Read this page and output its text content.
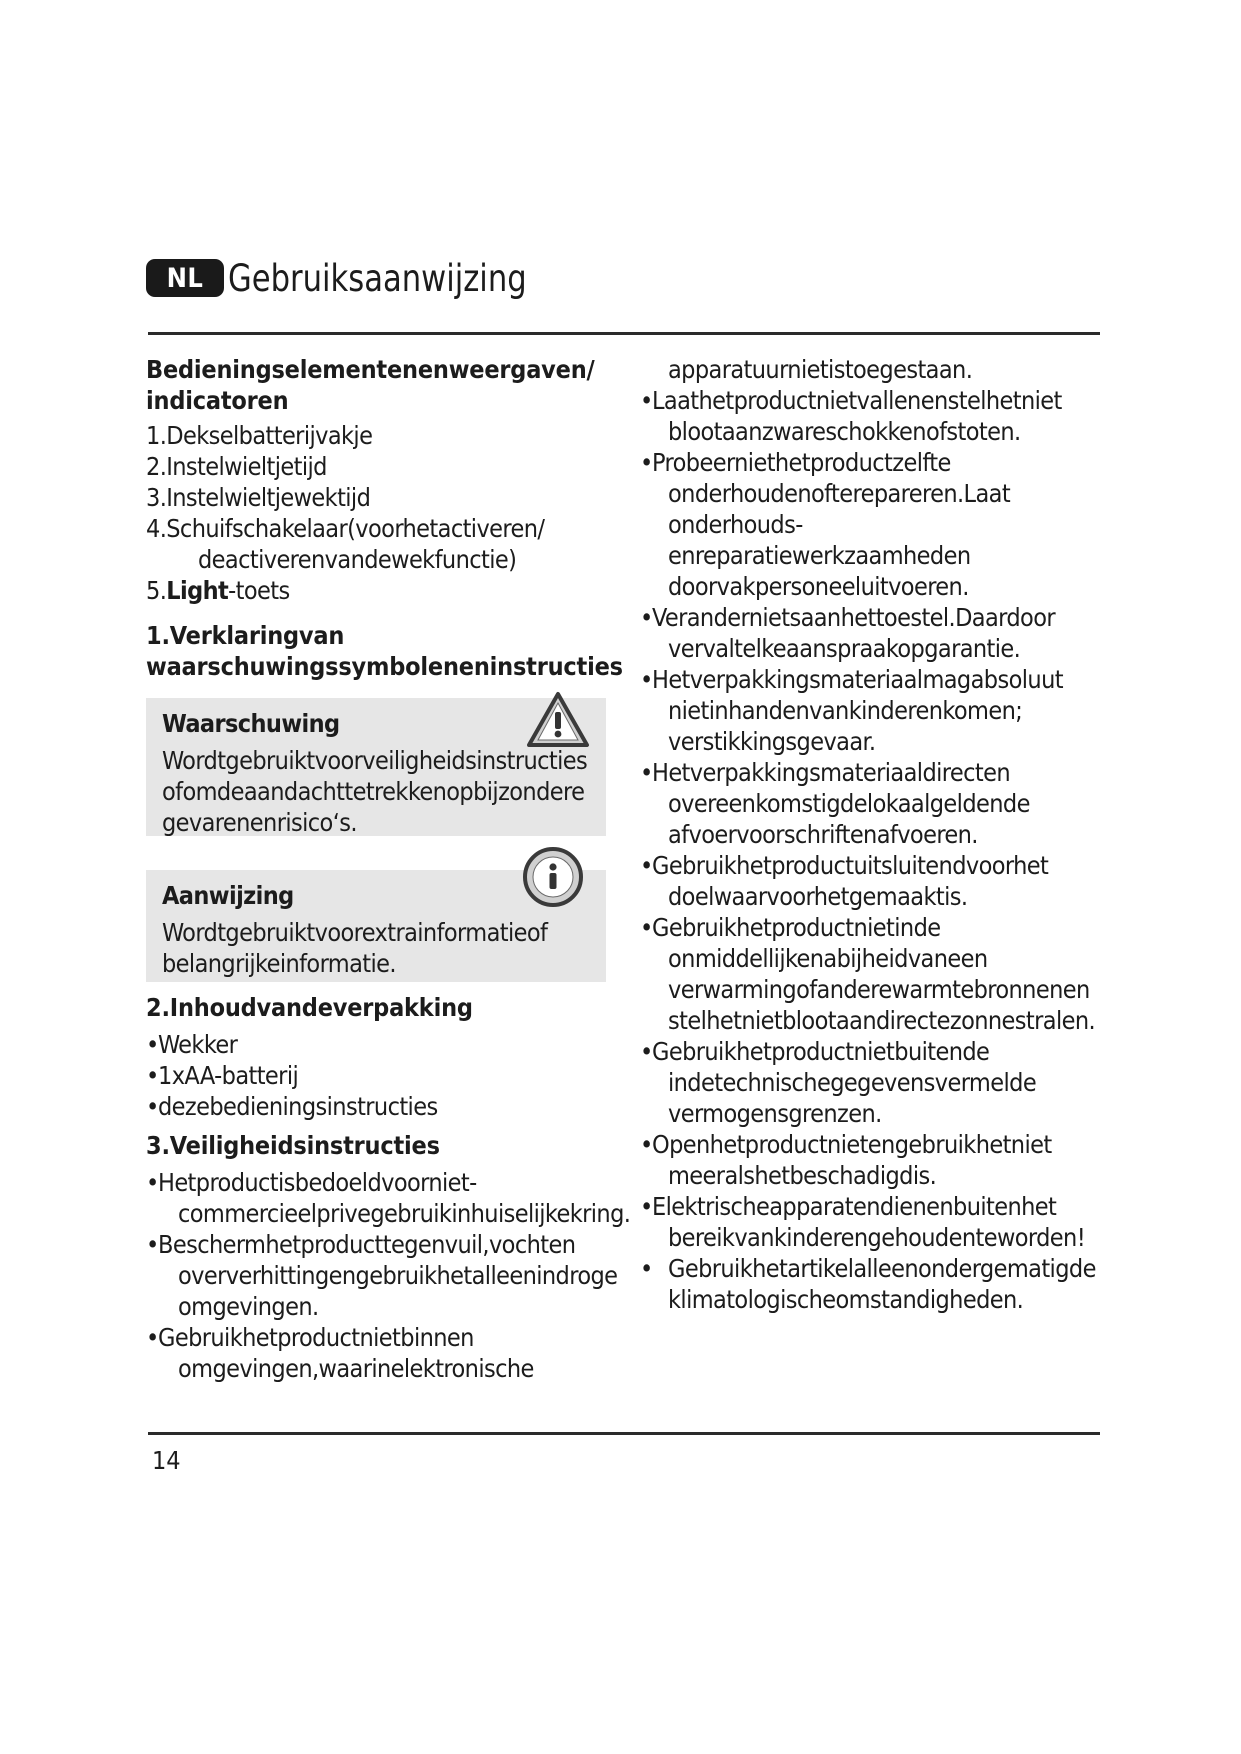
NL Gebruiksaanwijzing
Bedieningselementenenweergaven/
indicatoren
1.Dekselbatterijvakje
2.Instelwieltjetijd
3.Instelwieltjewektijd
4.Schuifschakelaar(voorhetactiveren/
deactiverenvandewekfunctie)
5.Light-toets
1.Verklaringvan
waarschuwingssymboleneninstructies
Waarschuwing
Wordtgebruiktvoorveiligheidsinstructies
ofomdeaandachttetrekkenopbijzondere
gevarenenrisico‘s.
Aanwijzing
Wordtgebruiktvoorextrainformatieof
belangrijkeinformatie.
2.Inhoudvandeverpakking
• Wekker
• 1xAA-batterij
• dezebedieningsinstructies
3.Veiligheidsinstructies
• Hetproductisbedoeldvoorniet-
commercieelprivegebruikinhuiselijkekring.
• Beschermhetproducttegenvuil,vochten
oververhittingengebruikhetalleenindroge
omgevingen.
• Gebruikhetproductnietbinnen
omgevingen,waarinelektronische
apparatuurnietistoegestaan.
• Laathetproductnietvallenenstelhetniet
blootaanzwareschokkenofstoten.
• Probeerniethetproductzelfte
onderhoudenofterepareren.Laat
onderhouds-enreparatiewerkzaamheden
doorvakpersoneeluitvoeren.
• Verandernietsaanhettoestel.Daardoor
vervaltelkeaanspraakopgarantie.
• Hetverpakkingsmateriaalmagabsoluut
nietinhandenvankinderenkomen;
verstikkingsgevaar.
• Hetverpakkingsmateriaaldirecten
overeenkomstigdelokaalgeldende
afvoervoorschriftenafvoeren.
• Gebruikhetproductuitsluitendvoorhet
doelwaarvoorhetgemaaktis.
• Gebruikhetproductnietinde
onmiddellijkenabijheidvaneen
verwarmingofanderewarmtebronnenen
stelhetnietblootaandirectezonnestralen.
• Gebruikhetproductnietbuitende
indetechnischegegevensvermelde
vermogensgrenzen.
• Openhetproductnietengebruikhetniet
meeralshetbeschadigdis.
• Elektrischeapparatendienenbuitenhet
bereikvankinderengehoudenteworden!
• Gebruikhetartikelalleenondergematigde
klimatologischeomstandigheden.
14
